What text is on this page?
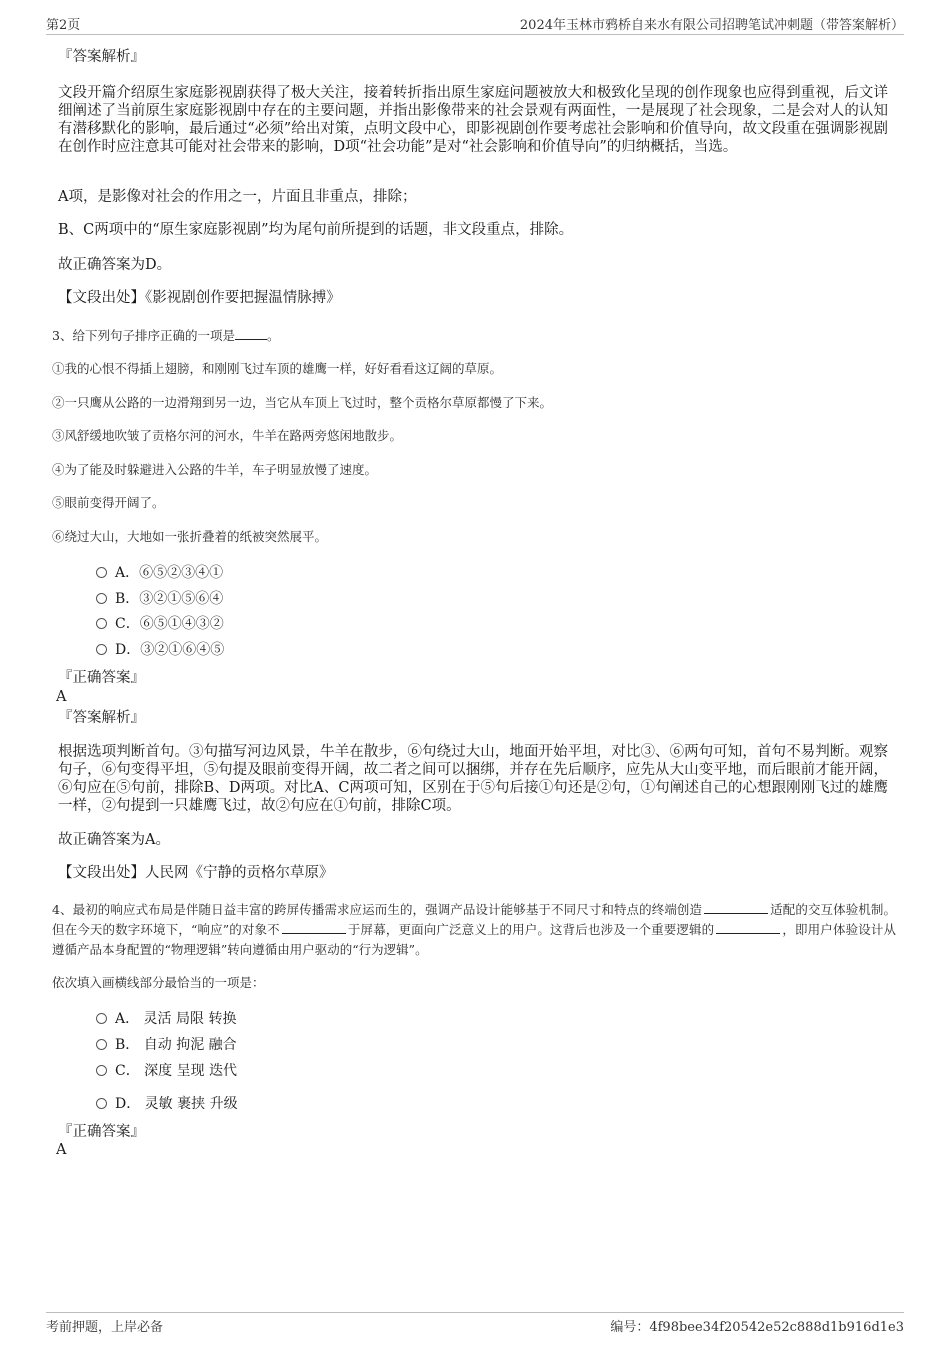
第2页	2024年玉林市鸦桥自来水有限公司招聘笔试冲刺题（带答案解析）
『答案解析』
文段开篇介绍原生家庭影视剧获得了极大关注，接着转折指出原生家庭问题被放大和极致化呈现的创作现象也应得到重视，后文详细阐述了当前原生家庭影视剧中存在的主要问题，并指出影像带来的社会景观有两面性，一是展现了社会现象，二是会对人的认知有潜移默化的影响，最后通过“必须”给出对策，点明文段中心，即影视剧创作要考虑社会影响和价值导向，故文段重在强调影视剧在创作时应注意其可能对社会带来的影响，D项“社会功能”是对“社会影响和价值导向”的归纳概括，当选。
A项，是影像对社会的作用之一，片面且非重点，排除；
B、C两项中的“原生家庭影视剧”均为尾句前所提到的话题，非文段重点，排除。
故正确答案为D。
【文段出处】《影视剧创作要把握温情脉搏》
3、给下列句子排序正确的一项是	。
①我的心恨不得插上翅膀，和刚刚飞过车顶的雄鹰一样，好好看看这辽阔的草原。
②一只鹰从公路的一边滑翔到另一边，当它从车顶上飞过时，整个贡格尔草原都慢了下来。
③风舒缓地吹皱了贡格尔河的河水，牛羊在路两旁悠闲地散步。
④为了能及时躲避进入公路的牛羊，车子明显放慢了速度。
⑤眼前变得开阔了。
⑥绕过大山，大地如一张折叠着的纸被突然展平。
A．⑥⑤②③④①
B．③②①⑤⑥④
C．⑥⑤①④③②
D．③②①⑥④⑤
『正确答案』
A
『答案解析』
根据选项判断首句。③句描写河边风景，牛羊在散步，⑥句绕过大山，地面开始平坦，对比③、⑥两句可知，首句不易判断。观察句子，⑥句变得平坦，⑤句提及眼前变得开阔，故二者之间可以捆绑，并存在先后顺序，应先从大山变平地，而后眼前才能开阔，⑥句应在⑤句前，排除B、D两项。对比A、C两项可知，区别在于⑤句后接①句还是②句，①句阐述自己的心想跟刚刚飞过的雄鹰一样，②句提到一只雄鹰飞过，故②句应在①句前，排除C项。
故正确答案为A。
【文段出处】人民网《宁静的贡格尔草原》
4、最初的响应式布局是伴随日益丰富的跨屏传播需求应运而生的，强调产品设计能够基于不同尺寸和特点的终端创造	适配的交互体验机制。但在今天的数字环境下，“响应”的对象不	于屏幕，更面向广泛意义上的用户。这背后也涉及一个重要逻辑的	，即用户体验设计从遵循产品本身配置的“物理逻辑”转向遵循由用户驱动的“行为逻辑”。
依次填入画横线部分最恰当的一项是：
A． 灵活 局限 转换
B． 自动 拘泥 融合
C． 深度 呈现 迭代
D． 灵敏 裹挟 升级
『正确答案』
A
考前押题，上岸必备	编号：4f98bee34f20542e52c888d1b916d1e3
